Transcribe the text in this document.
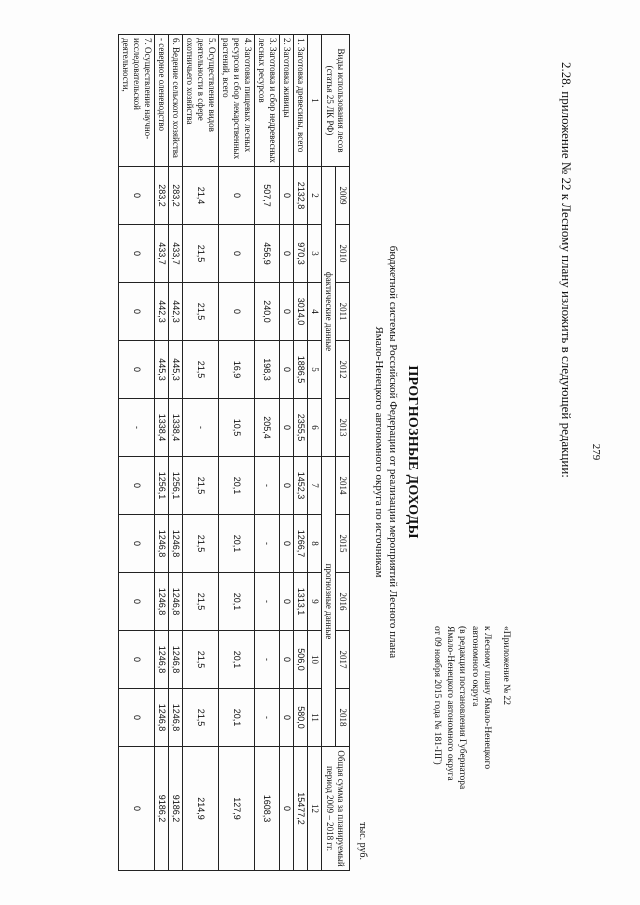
279
2.28. приложение № 22 к Лесному плану изложить в следующей редакции:
«Приложение № 22
к Лесному плану Ямало-Ненецкого
автономного округа
(в редакции постановления Губернатора
Ямало-Ненецкого автономного округа
от 09 ноября 2015 года № 181-ПГ)
ПРОГНОЗНЫЕ ДОХОДЫ
бюджетной системы Российской Федерации от реализации мероприятий Лесного плана
Ямало-Ненецкого автономного округа по источникам
тыс. руб.
Виды использования лесов (статья 25 ЛК РФ)	2009	2010	2011	2012	2013	2014	2015	2016	2017	2018	Общая сумма за планируемый период 2009 – 2018 гг.
	фактические данные					прогнозные данные					
1	2	3	4	5	6	7	8	9	10	11	12
1. Заготовка древесины, всего	2132,8	970,3	3014,0	1886,5	2355,5	1452,3	1266,7	1313,1	506,0	580,0	15477,2
2. Заготовка живицы	0	0	0	0	0	0	0	0	0	0	0
3. Заготовка и сбор недревесных лесных ресурсов	507,7	456,9	240,0	198,3	205,4	-	-	-	-	-	1608,3
4. Заготовка пищевых лесных ресурсов и сбор лекарственных растений, всего	0	0	0	16,9	10,5	20,1	20,1	20,1	20,1	20,1	127,9
5. Осуществление видов деятельности в сфере охотничьего хозяйства	21,4	21,5	21,5	21,5	-	21,5	21,5	21,5	21,5	21,5	214,9
6. Ведение сельского хозяйства	283,2	433,7	442,3	445,3	1338,4	1256,1	1246,8	1246,8	1246,8	1246,8	9186,2
- северное оленеводство	283,2	433,7	442,3	445,3	1338,4	1256,1	1246,8	1246,8	1246,8	1246,8	9186,2
7. Осуществление научно-исследовательской деятельности,	0	0	0	0	-	0	0	0	0	0	0
